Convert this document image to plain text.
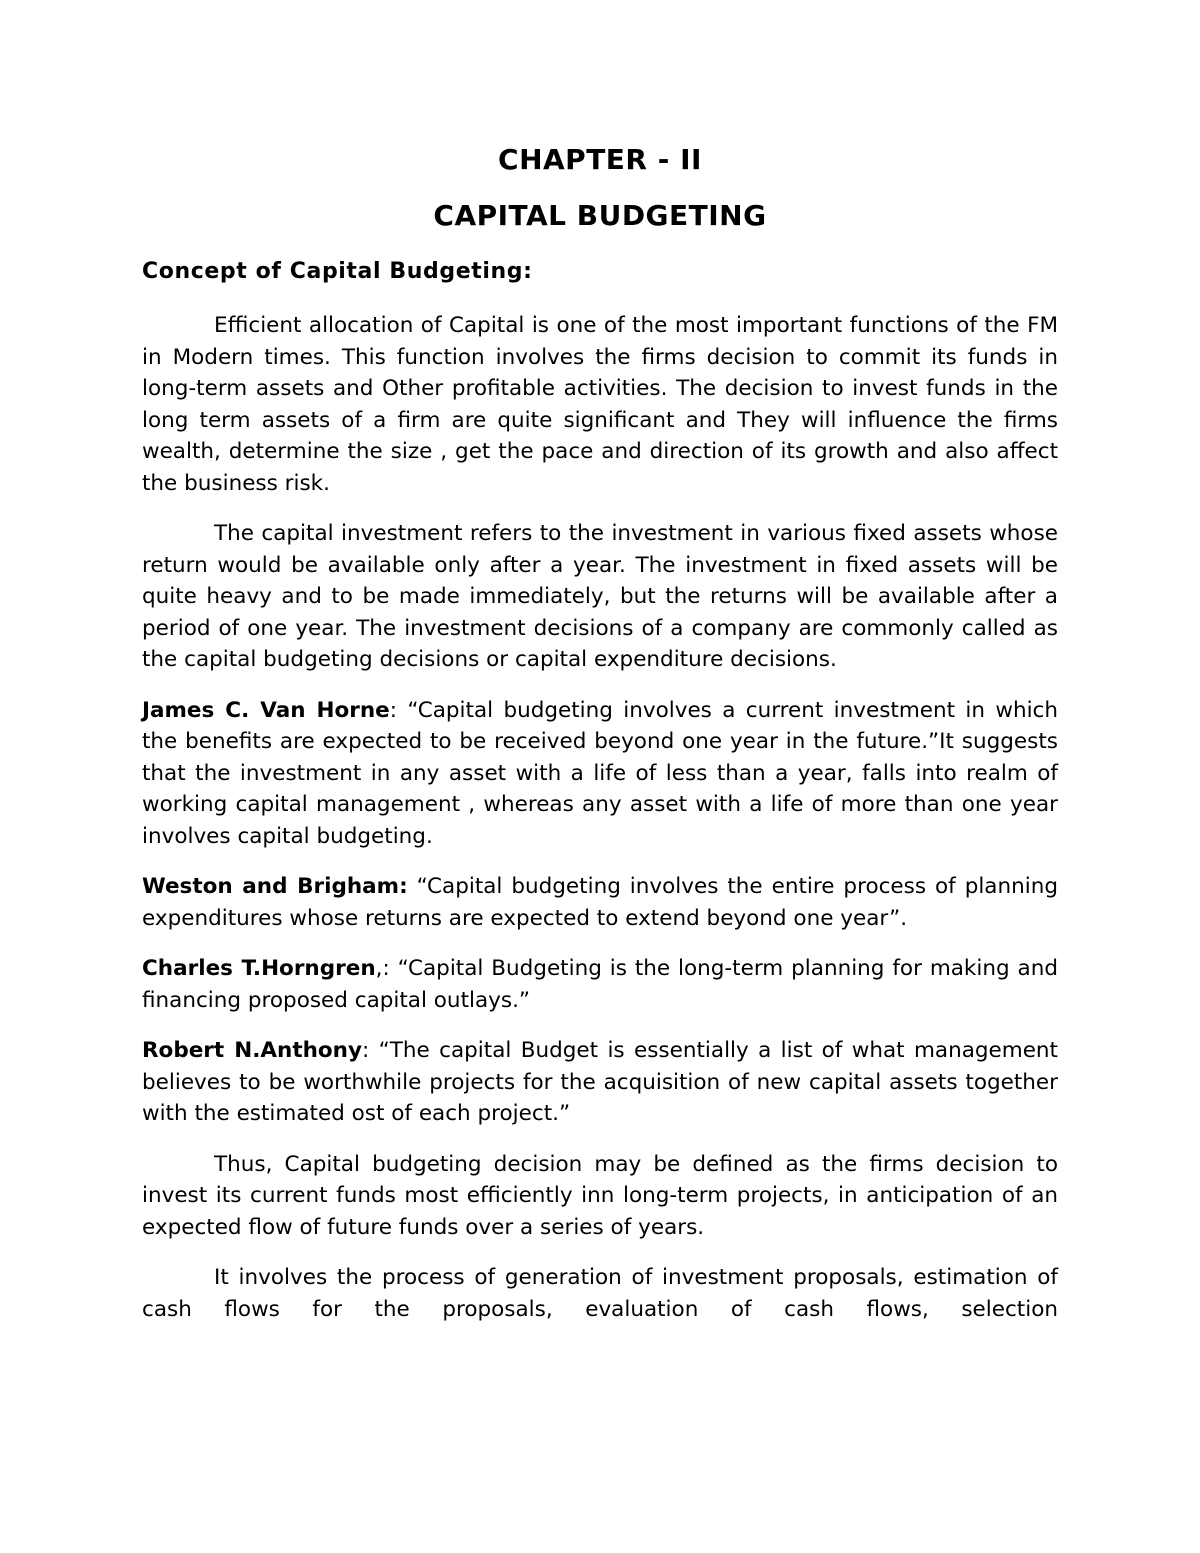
CHAPTER - II
CAPITAL BUDGETING
Concept of Capital Budgeting:

Efficient allocation of Capital is one of the most important functions of the FM in Modern times. This function involves the firms decision to commit its funds in long-term assets and Other profitable activities. The decision to invest funds in the long term assets of a firm are quite significant and They will influence the firms wealth, determine the size , get the pace and direction of its growth and also affect the business risk.

The capital investment refers to the investment in various fixed assets whose return would be available only after a year. The investment in fixed assets will be quite heavy and to be made immediately, but the returns will be available after a period of one year. The investment decisions of a company are commonly called as the capital budgeting decisions or capital expenditure decisions.

James C. Van Horne: “Capital budgeting involves a current investment in which the benefits are expected to be received beyond one year in the future.”It suggests that the investment in any asset with a life of less than a year, falls into realm of working capital management , whereas any asset with a life of more than one year involves capital budgeting.

Weston and Brigham: “Capital budgeting involves the entire process of planning expenditures whose returns are expected to extend beyond one year”.

Charles T.Horngren,: “Capital Budgeting is the long-term planning for making and financing proposed capital outlays.”

Robert N.Anthony: “The capital Budget is essentially a list of what management believes to be worthwhile projects for the acquisition of new capital assets together with the estimated ost of each project.”

Thus, Capital budgeting decision may be defined as the firms decision to invest its current funds most efficiently inn long-term projects, in anticipation of an expected flow of future funds over a series of years.

It involves the process of generation of investment proposals, estimation of cash flows for the proposals, evaluation of cash flows, selection
